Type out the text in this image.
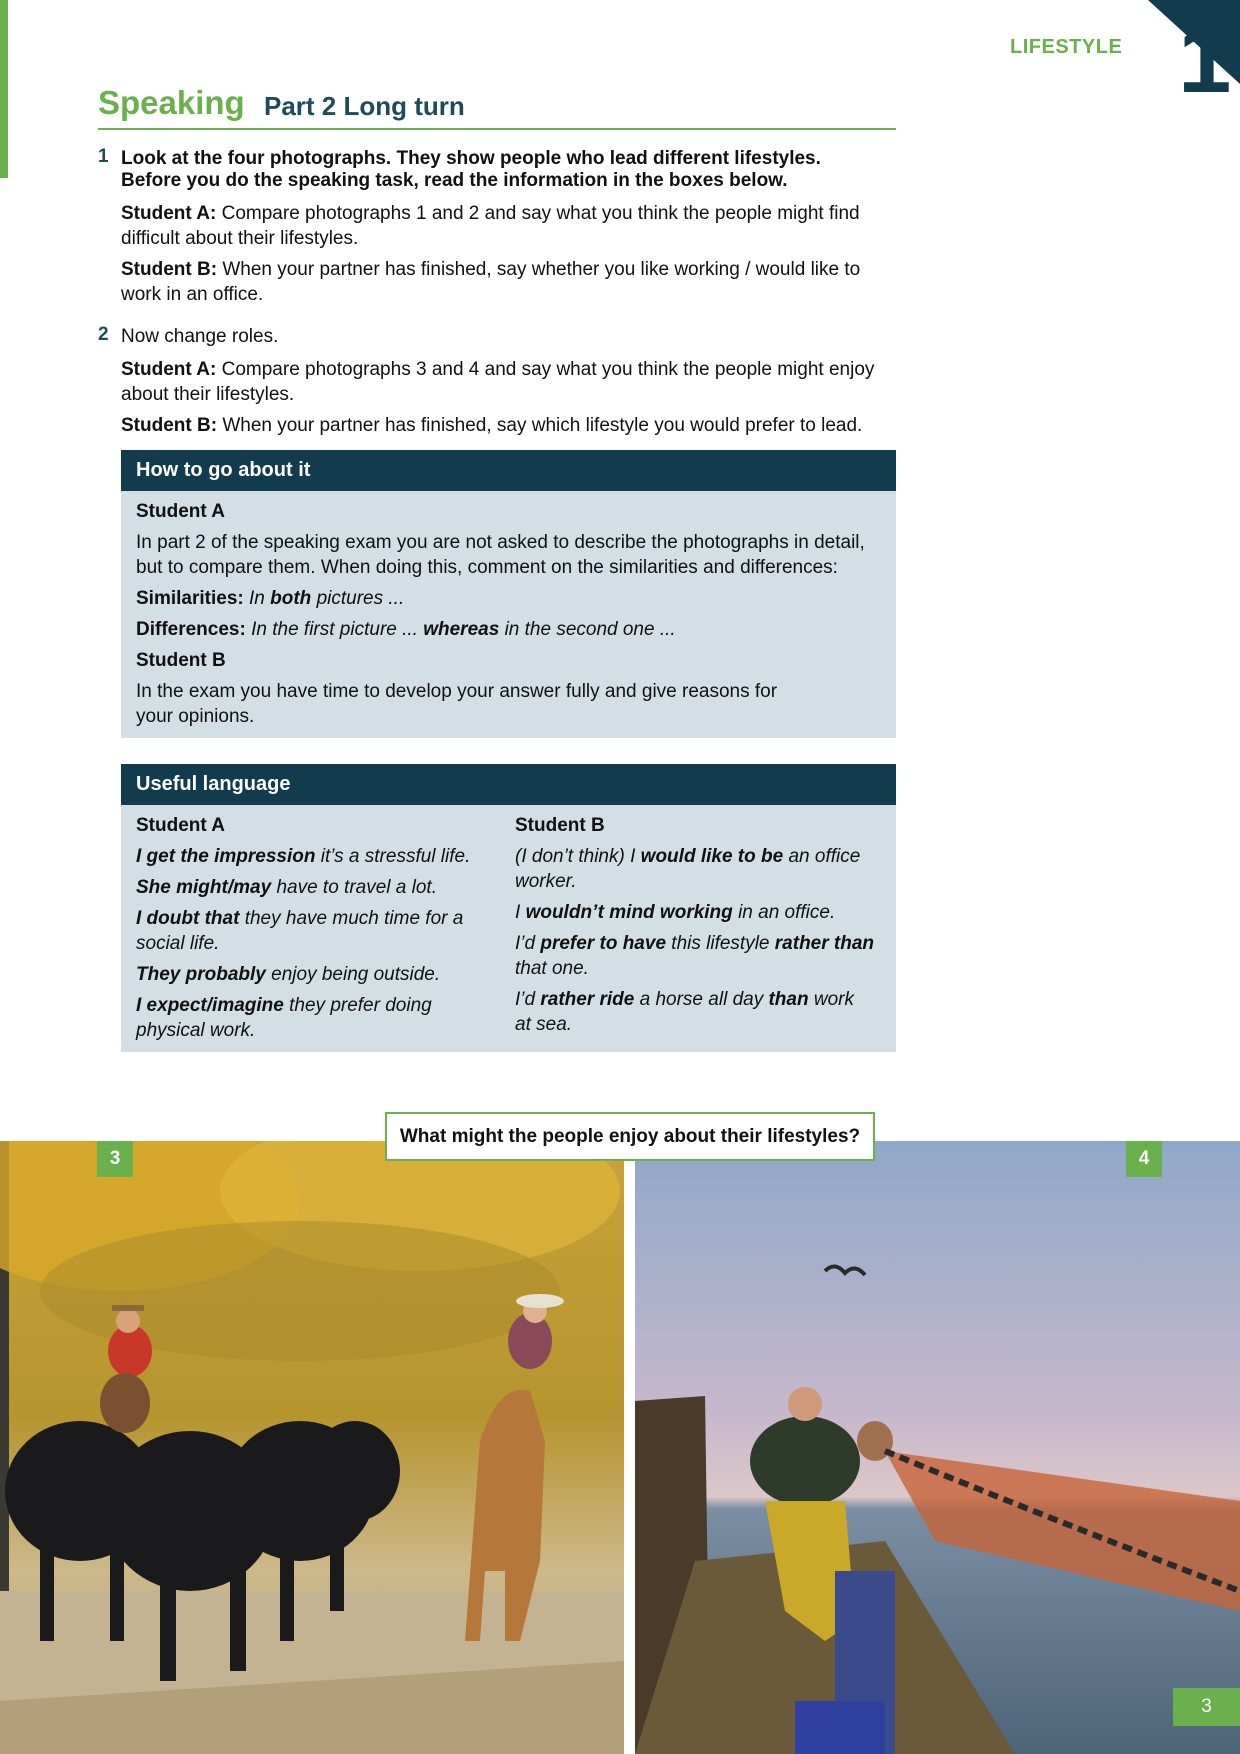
LIFESTYLE 1
Speaking Part 2 Long turn
1 Look at the four photographs. They show people who lead different lifestyles.
Before you do the speaking task, read the information in the boxes below.
Student A: Compare photographs 1 and 2 and say what you think the people might find difficult about their lifestyles.
Student B: When your partner has finished, say whether you like working / would like to work in an office.
2 Now change roles.
Student A: Compare photographs 3 and 4 and say what you think the people might enjoy about their lifestyles.
Student B: When your partner has finished, say which lifestyle you would prefer to lead.
How to go about it
Student A
In part 2 of the speaking exam you are not asked to describe the photographs in detail, but to compare them. When doing this, comment on the similarities and differences:
Similarities: In both pictures ...
Differences: In the first picture ... whereas in the second one ...
Student B
In the exam you have time to develop your answer fully and give reasons for your opinions.
Useful language
Student A
I get the impression it’s a stressful life.
She might/may have to travel a lot.
I doubt that they have much time for a social life.
They probably enjoy being outside.
I expect/imagine they prefer doing physical work.
Student B
(I don’t think) I would like to be an office worker.
I wouldn’t mind working in an office.
I’d prefer to have this lifestyle rather than that one.
I’d rather ride a horse all day than work at sea.
3	4
What might the people enjoy about their lifestyles?
3
